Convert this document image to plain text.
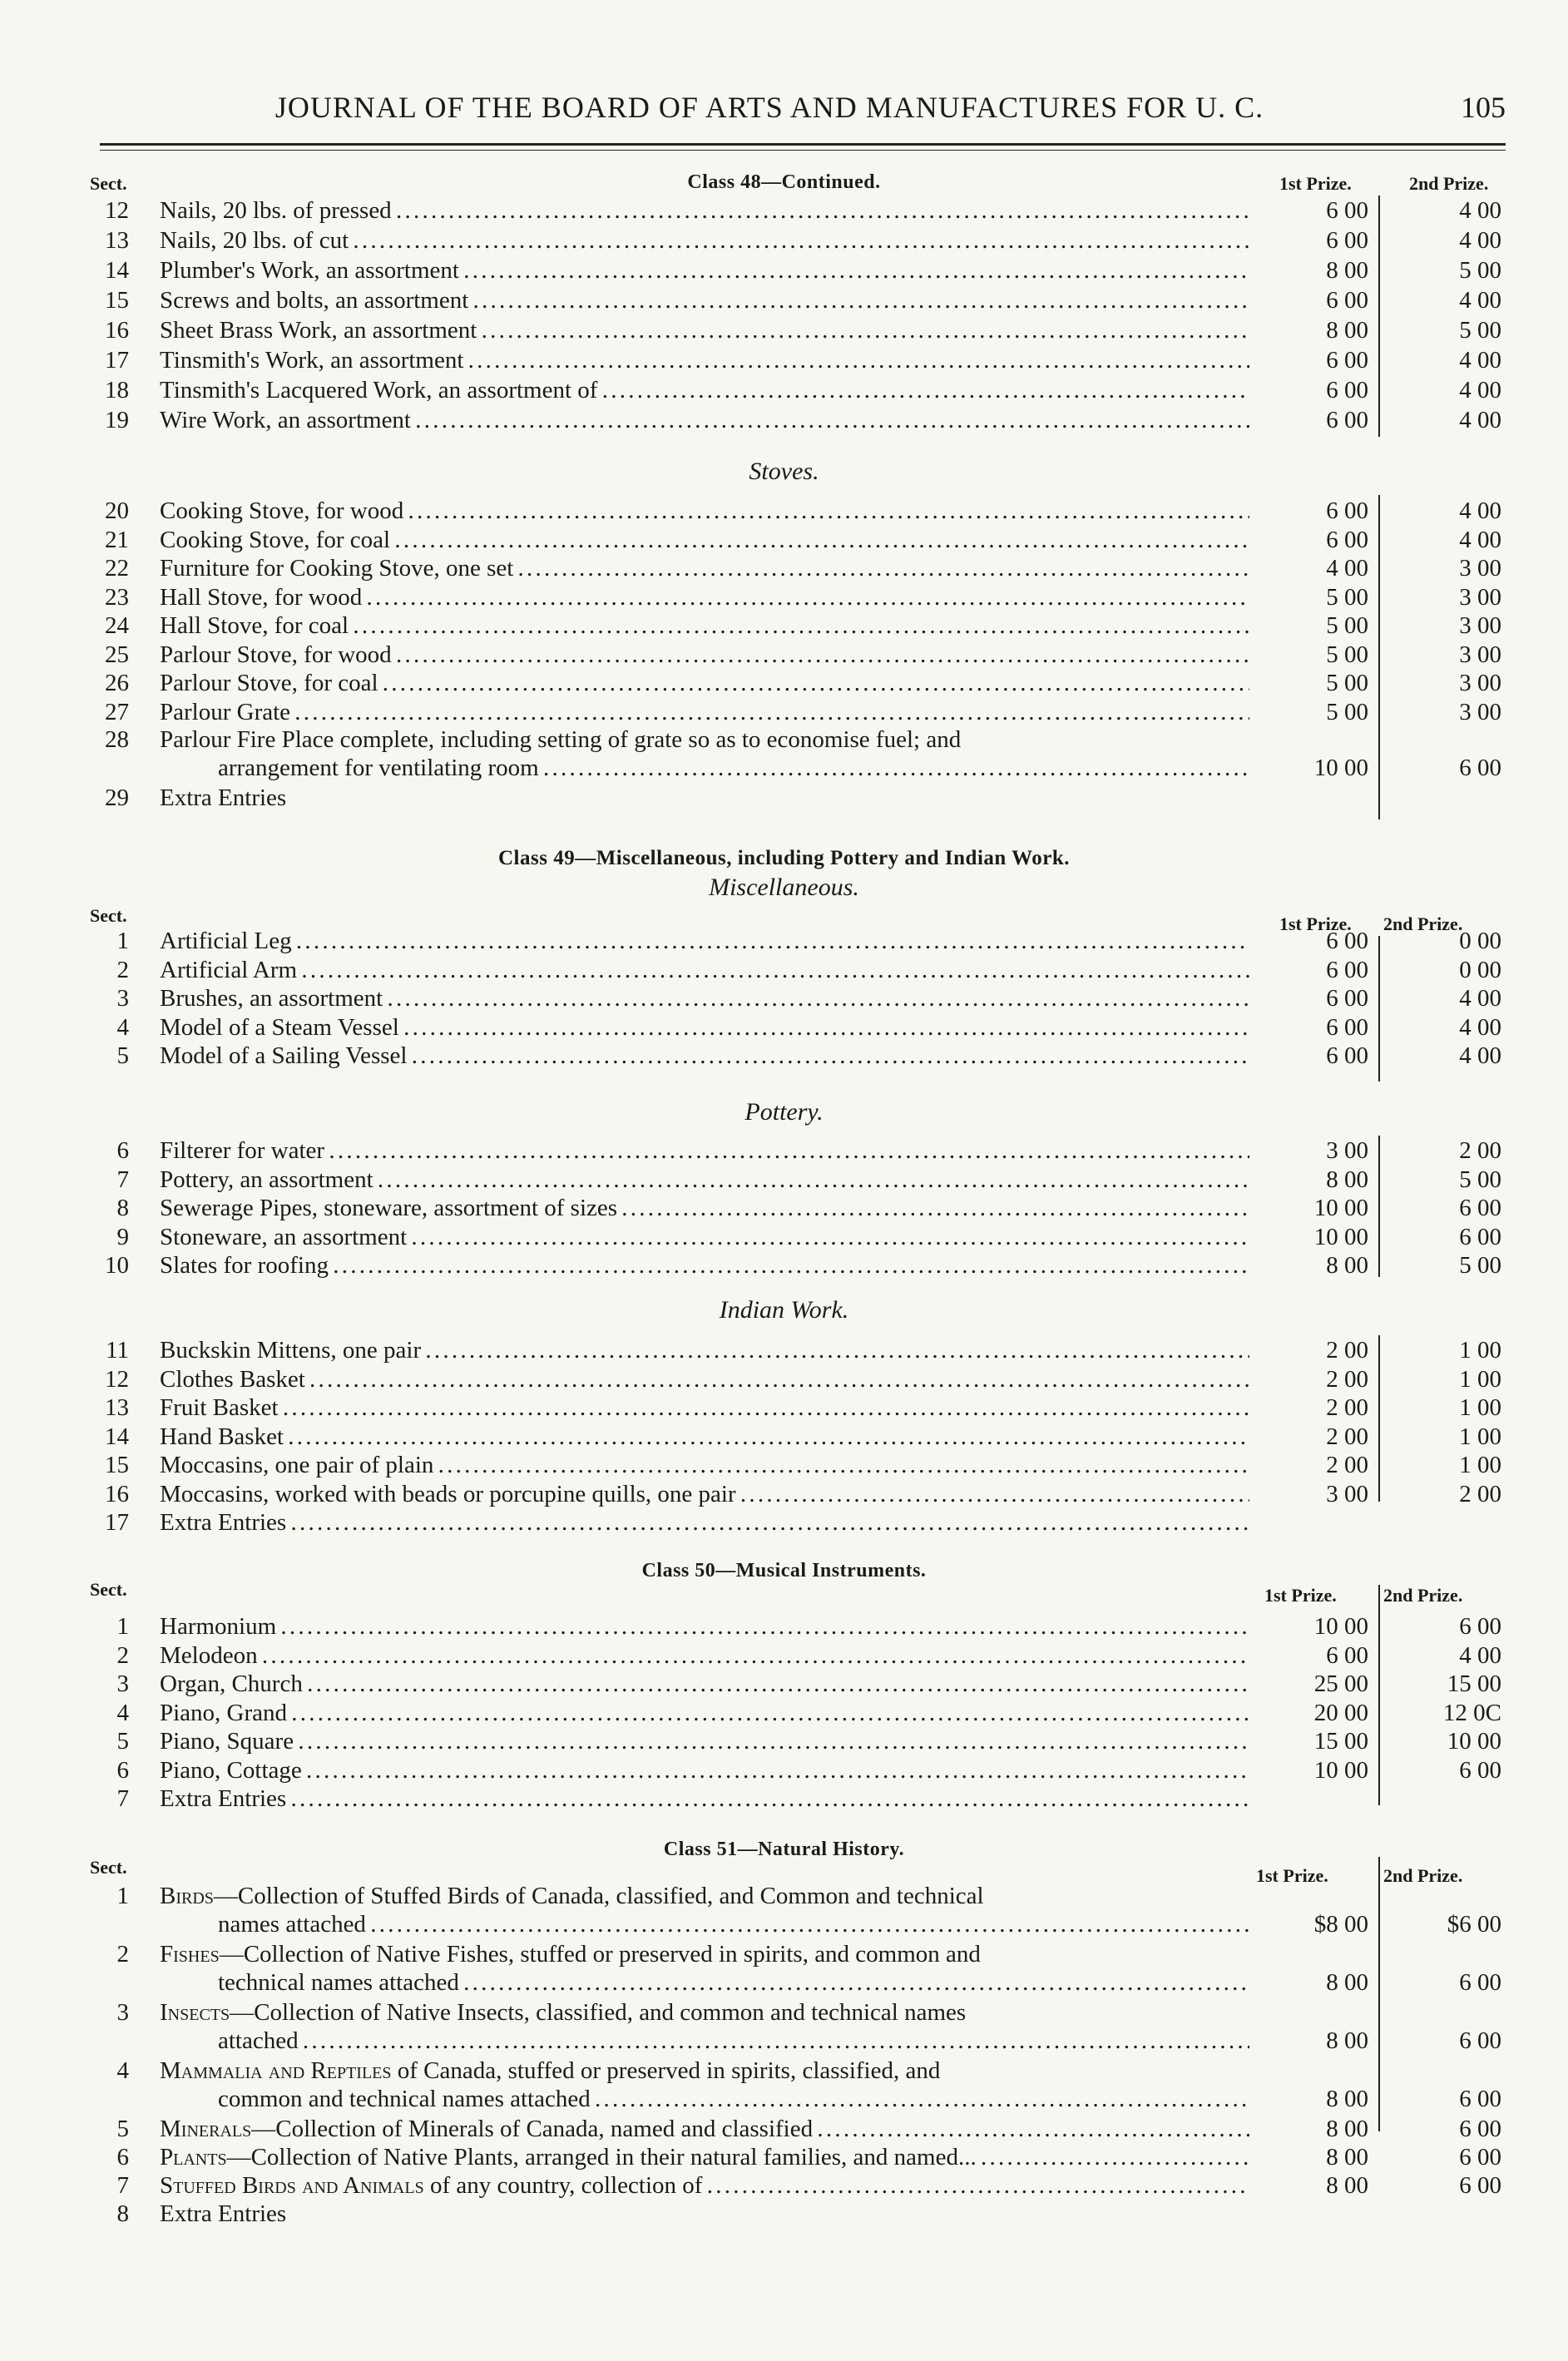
JOURNAL OF THE BOARD OF ARTS AND MANUFACTURES FOR U. C.	105
Sect.	Class 48—Continued.	1st Prize.	2nd Prize.
12 Nails, 20 lbs. of pressed . . .	6 00	4 00
13 Nails, 20 lbs. of cut . . .	6 00	4 00
14 Plumber's Work, an assortment . . .	8 00	5 00
15 Screws and bolts, an assortment . . .	6 00	4 00
16 Sheet Brass Work, an assortment . . .	8 00	5 00
17 Tinsmith's Work, an assortment . . .	6 00	4 00
18 Tinsmith's Lacquered Work, an assortment of . . .	6 00	4 00
19 Wire Work, an assortment . . .	6 00	4 00
Stoves.
20 Cooking Stove, for wood . . .	6 00	4 00
21 Cooking Stove, for coal . . .	6 00	4 00
22 Furniture for Cooking Stove, one set . . .	4 00	3 00
23 Hall Stove, for wood . . .	5 00	3 00
24 Hall Stove, for coal . . .	5 00	3 00
25 Parlour Stove, for wood . . .	5 00	3 00
26 Parlour Stove, for coal . . .	5 00	3 00
27 Parlour Grate . . .	5 00	3 00
28 Parlour Fire Place complete, including setting of grate so as to economise fuel; and
arrangement for ventilating room . . .	10 00	6 00
29 Extra Entries
Class 49—Miscellaneous, including Pottery and Indian Work.
Miscellaneous.
Sect.	1st Prize. 2nd Prize.
1 Artificial Leg . . .	6 00	0 00
2 Artificial Arm . . .	6 00	0 00
3 Brushes, an assortment . . .	6 00	4 00
4 Model of a Steam Vessel . . .	6 00	4 00
5 Model of a Sailing Vessel . . .	6 00	4 00
Pottery.
6 Filterer for water . . .	3 00	2 00
7 Pottery, an assortment . . .	8 00	5 00
8 Sewerage Pipes, stoneware, assortment of sizes . . .	10 00	6 00
9 Stoneware, an assortment . . .	10 00	6 00
10 Slates for roofing . . .	8 00	5 00
Indian Work.
11 Buckskin Mittens, one pair . . .	2 00	1 00
12 Clothes Basket . . .	2 00	1 00
13 Fruit Basket . . .	2 00	1 00
14 Hand Basket . . .	2 00	1 00
15 Moccasins, one pair of plain . . .	2 00	1 00
16 Moccasins, worked with beads or porcupine quills, one pair . . .	3 00	2 00
17 Extra Entries . . .
Class 50—Musical Instruments.
Sect.	1st Prize.	2nd Prize.
1 Harmonium . . .	10 00	6 00
2 Melodeon . . .	6 00	4 00
3 Organ, Church . . .	25 00	15 00
4 Piano, Grand . . .	20 00	12 0C
5 Piano, Square . . .	15 00	10 00
6 Piano, Cottage . . .	10 00	6 00
7 Extra Entries . . .
Class 51—Natural History.
Sect.	1st Prize.	2nd Prize.
1 Birds—Collection of Stuffed Birds of Canada, classified, and Common and technical
names attached . . .	$8 00	$6 00
2 Fishes—Collection of Native Fishes, stuffed or preserved in spirits, and common and
technical names attached . . .	8 00	6 00
3 Insects—Collection of Native Insects, classified, and common and technical names
attached . . .	8 00	6 00
4 Mammalia and Reptiles of Canada, stuffed or preserved in spirits, classified, and
common and technical names attached . . .	8 00	6 00
5 Minerals—Collection of Minerals of Canada, named and classified . . .	8 00	6 00
6 Plants—Collection of Native Plants, arranged in their natural families, and named... . . .	8 00	6 00
7 Stuffed Birds and Animals of any country, collection of . . .	8 00	6 00
8 Extra Entries
